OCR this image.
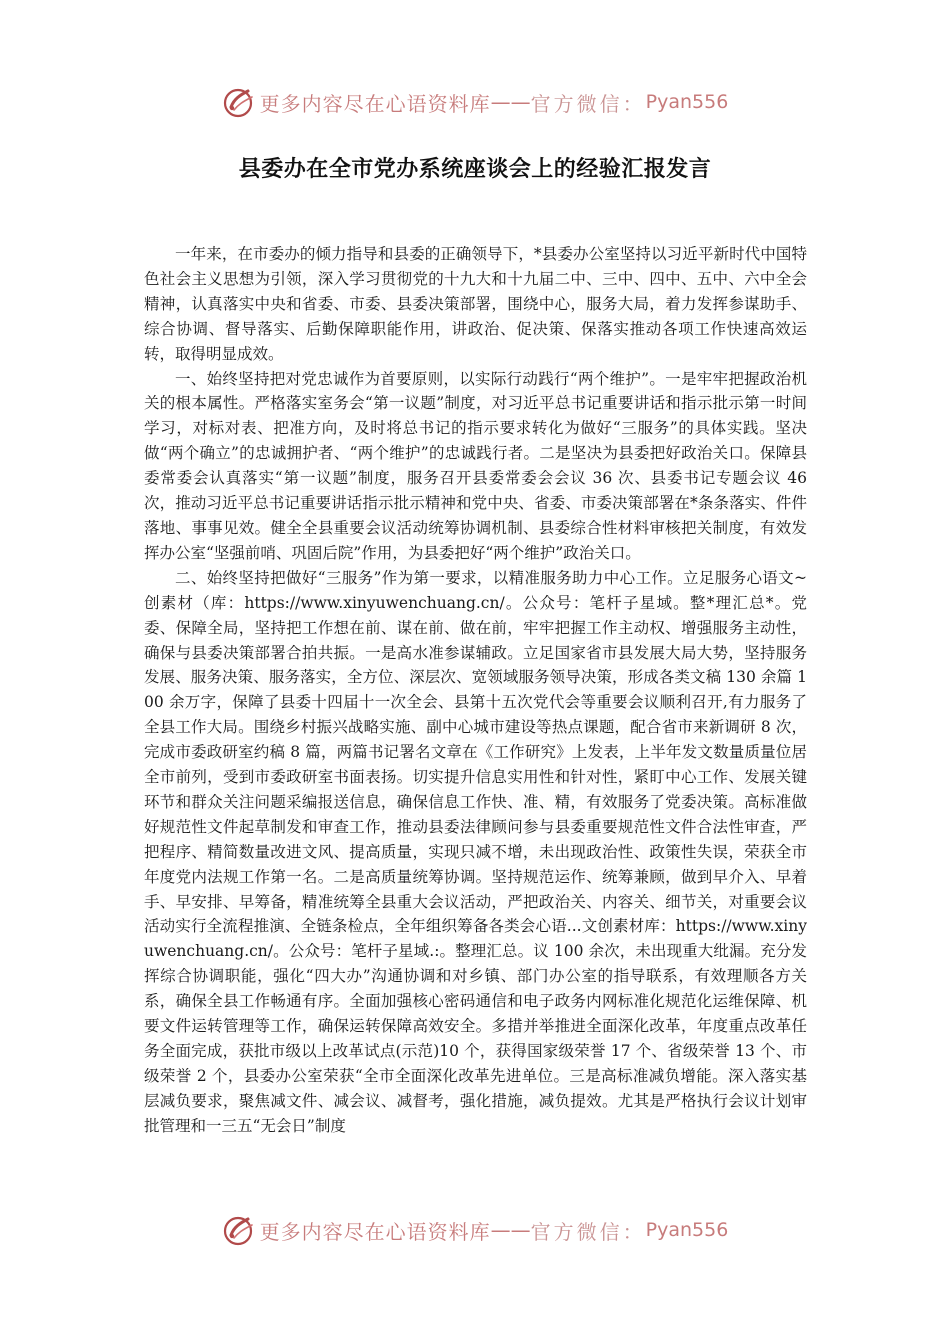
更多内容尽在心语资料库 —— 官方微信： Pyan556
县委办在全市党办系统座谈会上的经验汇报发言

一年来，在市委办的倾力指导和县委的正确领导下，*县委办公室坚持以习近平新时代中国特色社会主义思想为引领，深入学习贯彻党的十九大和十九届二中、三中、四中、五中、六中全会精神，认真落实中央和省委、市委、县委决策部署，围绕中心，服务大局，着力发挥参谋助手、综合协调、督导落实、后勤保障职能作用，讲政治、促决策、保落实推动各项工作快速高效运转，取得明显成效。

一、始终坚持把对党忠诚作为首要原则，以实际行动践行“两个维护”。一是牢牢把握政治机关的根本属性。严格落实室务会“第一议题”制度，对习近平总书记重要讲话和指示批示第一时间学习，对标对表、把准方向，及时将总书记的指示要求转化为做好“三服务”的具体实践。坚决做“两个确立”的忠诚拥护者、“两个维护”的忠诚践行者。二是坚决为县委把好政治关口。保障县委常委会认真落实“第一议题”制度，服务召开县委常委会会议 36 次、县委书记专题会议 46 次，推动习近平总书记重要讲话指示批示精神和党中央、省委、市委决策部署在*条条落实、件件落地、事事见效。健全全县重要会议活动统筹协调机制、县委综合性材料审核把关制度，有效发挥办公室“坚强前哨、巩固后院”作用，为县委把好“两个维护”政治关口。

二、始终坚持把做好“三服务”作为第一要求，以精准服务助力中心工作。立足服务心语文~创素材（库：https://www.xinyuwenchuang.cn/。公众号：笔杆子星域。整*理汇总*。党委、保障全局，坚持把工作想在前、谋在前、做在前，牢牢把握工作主动权、增强服务主动性，确保与县委决策部署合拍共振。一是高水准参谋辅政。立足国家省市县发展大局大势，坚持服务发展、服务决策、服务落实，全方位、深层次、宽领域服务领导决策，形成各类文稿 130 余篇 100 余万字，保障了县委十四届十一次全会、县第十五次党代会等重要会议顺利召开,有力服务了全县工作大局。围绕乡村振兴战略实施、副中心城市建设等热点课题，配合省市来新调研 8 次，完成市委政研室约稿 8 篇，两篇书记署名文章在《工作研究》上发表，上半年发文数量质量位居全市前列，受到市委政研室书面表扬。切实提升信息实用性和针对性，紧盯中心工作、发展关键环节和群众关注问题采编报送信息，确保信息工作快、准、精，有效服务了党委决策。高标准做好规范性文件起草制发和审查工作，推动县委法律顾问参与县委重要规范性文件合法性审查，严把程序、精简数量改进文风、提高质量，实现只减不增，未出现政治性、政策性失误，荣获全市年度党内法规工作第一名。二是高质量统筹协调。坚持规范运作、统筹兼顾，做到早介入、早着手、早安排、早筹备，精准统筹全县重大会议活动，严把政治关、内容关、细节关，对重要会议活动实行全流程推演、全链条检点，全年组织筹备各类会心语...文创素材库：https://www.xinyuwenchuang.cn/。公众号：笔杆子星域.:。整理汇总。议 100 余次，未出现重大纰漏。充分发挥综合协调职能，强化“四大办”沟通协调和对乡镇、部门办公室的指导联系，有效理顺各方关系，确保全县工作畅通有序。全面加强核心密码通信和电子政务内网标准化规范化运维保障、机要文件运转管理等工作，确保运转保障高效安全。多措并举推进全面深化改革，年度重点改革任务全面完成，获批市级以上改革试点(示范)10 个，获得国家级荣誉 17 个、省级荣誉 13 个、市级荣誉 2 个，县委办公室荣获“全市全面深化改革先进单位。三是高标准减负增能。深入落实基层减负要求，聚焦减文件、减会议、减督考，强化措施，减负提效。尤其是严格执行会议计划审批管理和一三五“无会日”制度

更多内容尽在心语资料库 —— 官方微信： Pyan556
